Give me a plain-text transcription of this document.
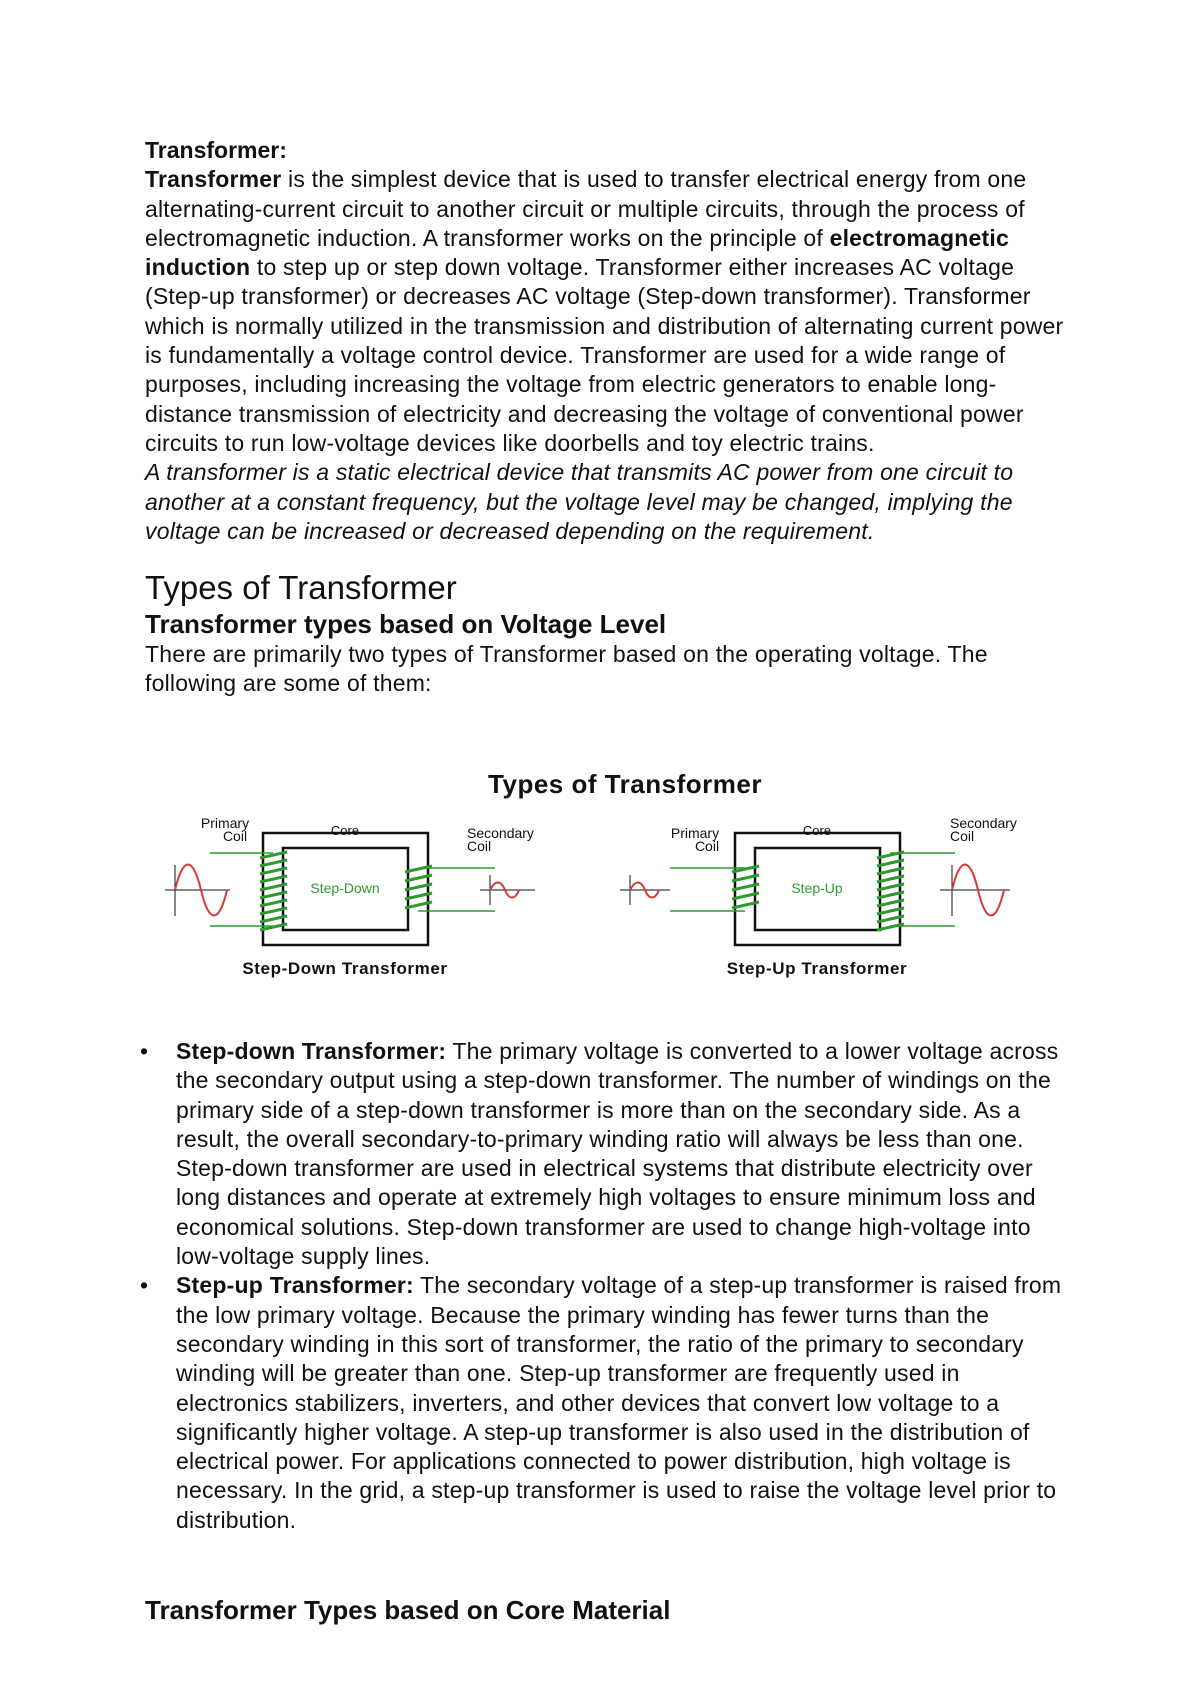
Transformer:

Transformer is the simplest device that is used to transfer electrical energy from one alternating-current circuit to another circuit or multiple circuits, through the process of electromagnetic induction. A transformer works on the principle of electromagnetic induction to step up or step down voltage. Transformer either increases AC voltage (Step-up transformer) or decreases AC voltage (Step-down transformer). Transformer which is normally utilized in the transmission and distribution of alternating current power is fundamentally a voltage control device. Transformer are used for a wide range of purposes, including increasing the voltage from electric generators to enable long-distance transmission of electricity and decreasing the voltage of conventional power circuits to run low-voltage devices like doorbells and toy electric trains.

A transformer is a static electrical device that transmits AC power from one circuit to another at a constant frequency, but the voltage level may be changed, implying the voltage can be increased or decreased depending on the requirement.

Types of Transformer
Transformer types based on Voltage Level

There are primarily two types of Transformer based on the operating voltage. The following are some of them:

Types of Transformer
Primary
Coil	Core	Secondary
Coil
Step-Down
Step-Down Transformer
Primary
Coil
Core	Secondary
Coil
Step-Up
Step-Up Transformer
• Step-down Transformer: The primary voltage is converted to a lower voltage across the secondary output using a step-down transformer. The number of windings on the primary side of a step-down transformer is more than on the secondary side. As a result, the overall secondary-to-primary winding ratio will always be less than one. Step-down transformer are used in electrical systems that distribute electricity over long distances and operate at extremely high voltages to ensure minimum loss and economical solutions. Step-down transformer are used to change high-voltage into low-voltage supply lines.
• Step-up Transformer: The secondary voltage of a step-up transformer is raised from the low primary voltage. Because the primary winding has fewer turns than the secondary winding in this sort of transformer, the ratio of the primary to secondary winding will be greater than one. Step-up transformer are frequently used in electronics stabilizers, inverters, and other devices that convert low voltage to a significantly higher voltage. A step-up transformer is also used in the distribution of electrical power. For applications connected to power distribution, high voltage is necessary. In the grid, a step-up transformer is used to raise the voltage level prior to distribution.
Transformer Types based on Core Material
